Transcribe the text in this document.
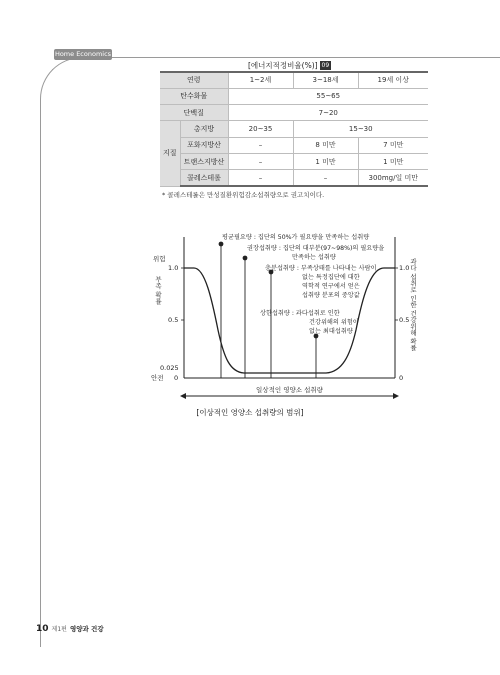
Home Economics
[에너지적정비율(%)] 09
연령		1~2세	3~18세	19세 이상
탄수화물		55~65		
단백질		7~20		
지질	총지방	20~35	15~30	
	포화지방산	–	8 미만	7 미만
	트랜스지방산	–	1 미만	1 미만
	콜레스테롤	–	–	300mg/일 미만
* 콜레스테롤은 만성질환위험감소섭취량으로 권고치이다.
평균필요량 : 집단의 50%가 필요량을 만족하는 섭취량
권장섭취량 : 집단의 대부분(97~98%)의 필요량을
만족하는 섭취량
충분섭취량 : 부족상태를 나타내는 사람이
없는 특정집단에 대한
역학적 연구에서 얻은
섭취량 분포의 중앙값
상한섭취량 : 과다섭취로 인한
건강위해의 위험이
없는 최대섭취량
위험
1.0
0.5
0.025
0
안전
부족 확률
1.0
0.5
0
과다 섭취로 인한 건강위해 확률
일상적인 영양소 섭취량
[이상적인 영양소 섭취량의 범위]
10 제1편 영양과 건강
